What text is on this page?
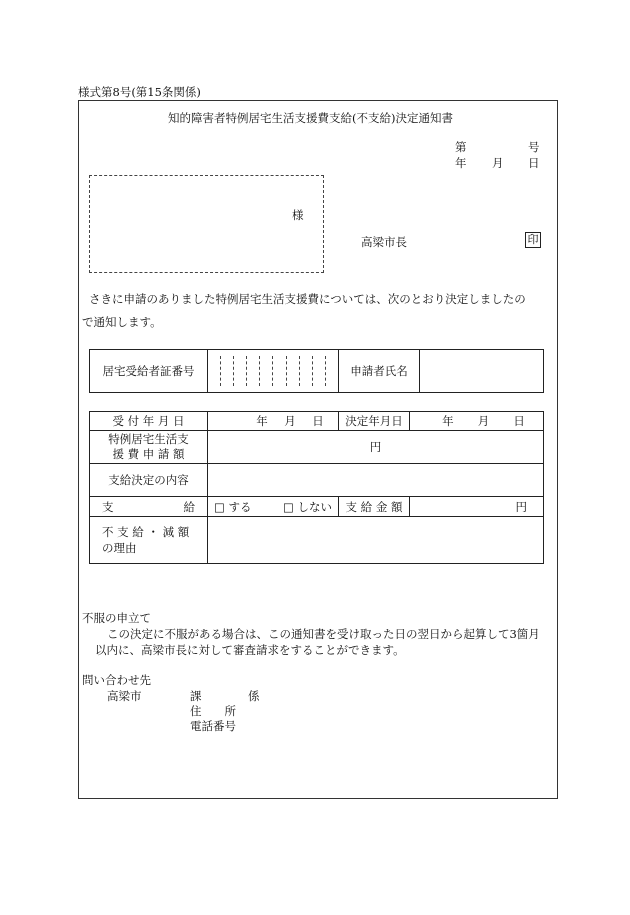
様式第8号(第15条関係)
知的障害者特例居宅生活支援費支給(不支給)決定通知書
第	号
年 月 日
様
高梁市長	印
さきに申請のありました特例居宅生活支援費については、次のとおり決定しましたの
で通知します。
居宅受給者証番号		申請者氏名	
受 付 年 月 日	年 月 日	決定年月日	年 月 日

特例居宅生活支
援 費 申 請 額	円		
支給決定の内容			

支 給	□ する □ しない	支 給 金 額	円

不 支 給 ・ 減 額
の理由			

不服の申立て
この決定に不服がある場合は、この通知書を受け取った日の翌日から起算して3箇月
以内に、高梁市長に対して審査請求をすることができます。
問い合わせ先
高梁市	課	係
住　　所
電話番号
